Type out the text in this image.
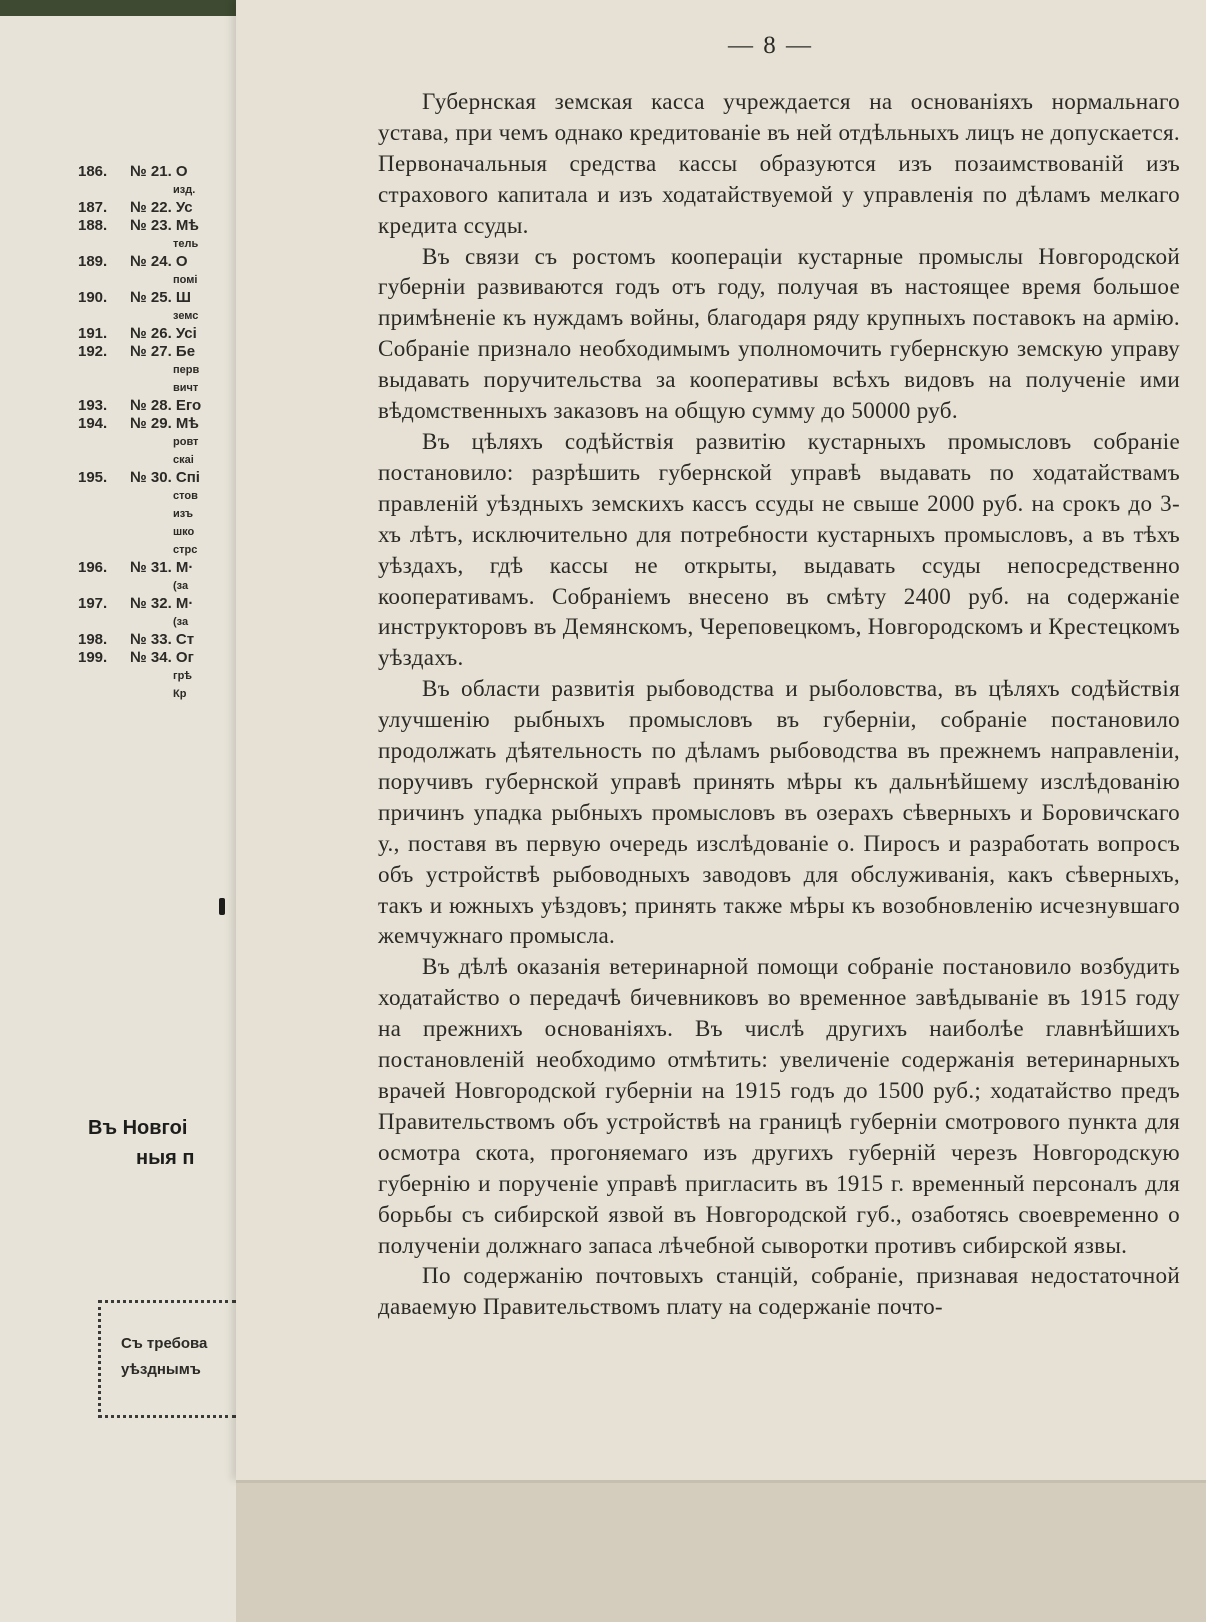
186. № 21. О
изд.
187. № 22. Ус
188. № 23. Мѣ
тель
189. № 24. О
помі
190. № 25. Ш
земс
191. № 26. Усі
192. № 27. Бе
перв
вичт
193. № 28. Его
194. № 29. Мѣ
ровт
скаі
195. № 30. Спі
стов
изъ
шко
стрс
196. № 31. М·
(за
197. № 32. М·
(за
198. № 33. Ст
199. № 34. Ог
грѣ
Кр
Въ Новгоі
ныя п
Съ требова
уѣзднымъ
— 8 —

Губернская земская касса учреждается на основаніяхъ нормальнаго устава, при чемъ однако кредитованіе въ ней отдѣльныхъ лицъ не допускается. Первоначальныя средства кассы образуются изъ позаимствованій изъ страхового капитала и изъ ходатайствуемой у управленія по дѣламъ мелкаго кредита ссуды.

Въ связи съ ростомъ коопераціи кустарные промыслы Новгородской губерніи развиваются годъ отъ году, получая въ настоящее время большое примѣненіе къ нуждамъ войны, благодаря ряду крупныхъ поставокъ на армію. Собраніе признало необходимымъ уполномочить губернскую земскую управу выдавать поручительства за кооперативы всѣхъ видовъ на полученіе ими вѣдомственныхъ заказовъ на общую сумму до 50000 руб.

Въ цѣляхъ содѣйствія развитію кустарныхъ промысловъ собраніе постановило: разрѣшить губернской управѣ выдавать по ходатайствамъ правленій уѣздныхъ земскихъ кассъ ссуды не свыше 2000 руб. на срокъ до 3-хъ лѣтъ, исключительно для потребности кустарныхъ промысловъ, а въ тѣхъ уѣздахъ, гдѣ кассы не открыты, выдавать ссуды непосредственно кооперативамъ. Собраніемъ внесено въ смѣту 2400 руб. на содержаніе инструкторовъ въ Демянскомъ, Череповецкомъ, Новгородскомъ и Крестецкомъ уѣздахъ.

Въ области развитія рыбоводства и рыболовства, въ цѣляхъ содѣйствія улучшенію рыбныхъ промысловъ въ губерніи, собраніе постановило продолжать дѣятельность по дѣламъ рыбоводства въ прежнемъ направленіи, поручивъ губернской управѣ принять мѣры къ дальнѣйшему изслѣдованію причинъ упадка рыбныхъ промысловъ въ озерахъ сѣверныхъ и Боровичскаго у., поставя въ первую очередь изслѣдованіе о. Пиросъ и разработать вопросъ объ устройствѣ рыбоводныхъ заводовъ для обслуживанія, какъ сѣверныхъ, такъ и южныхъ уѣздовъ; принять также мѣры къ возобновленію исчезнувшаго жемчужнаго промысла.

Въ дѣлѣ оказанія ветеринарной помощи собраніе постановило возбудить ходатайство о передачѣ бичевниковъ во временное завѣдываніе въ 1915 году на прежнихъ основаніяхъ. Въ числѣ другихъ наиболѣе главнѣйшихъ постановленій необходимо отмѣтить: увеличеніе содержанія ветеринарныхъ врачей Новгородской губерніи на 1915 годъ до 1500 руб.; ходатайство предъ Правительствомъ объ устройствѣ на границѣ губерніи смотрового пункта для осмотра скота, прогоняемаго изъ другихъ губерній черезъ Новгородскую губернію и порученіе управѣ пригласить въ 1915 г. временный персоналъ для борьбы съ сибирской язвой въ Новгородской губ., озаботясь своевременно о полученіи должнаго запаса лѣчебной сыворотки противъ сибирской язвы.

По содержанію почтовыхъ станцій, собраніе, признавая недостаточной даваемую Правительствомъ плату на содержаніе почто-
